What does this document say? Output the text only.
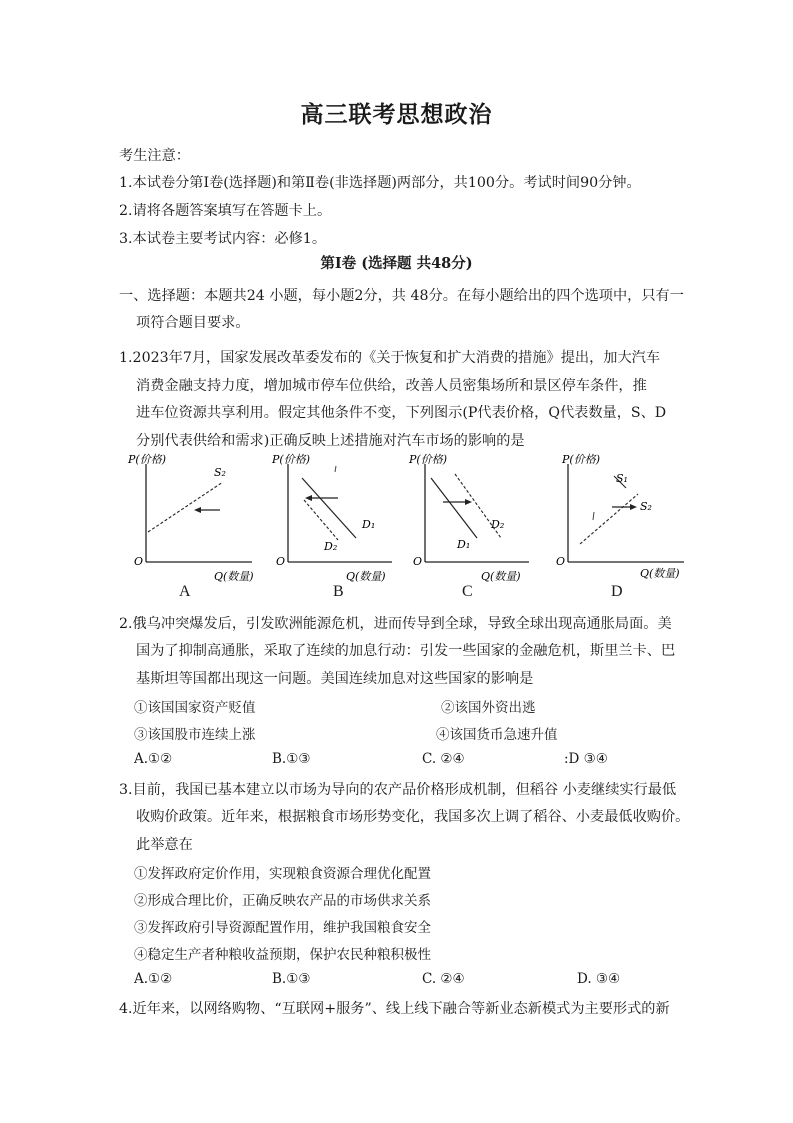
高三联考思想政治
考生注意：
1.本试卷分第Ⅰ卷(选择题)和第Ⅱ卷(非选择题)两部分，共100分。考试时间90分钟。
2.请将各题答案填写在答题卡上。
3.本试卷主要考试内容：必修1。
第Ⅰ卷 (选择题 共48分)
一、选择题：本题共24 小题，每小题2分，共 48分。在每小题给出的四个选项中，只有一
项符合题目要求。
1.2023年7月，国家发展改革委发布的《关于恢复和扩大消费的措施》提出，加大汽车
消费金融支持力度，增加城市停车位供给，改善人员密集场所和景区停车条件，推
进车位资源共享利用。假定其他条件不变，下列图示(P代表价格，Q代表数量，S、D
分别代表供给和需求)正确反映上述措施对汽车市场的影响的是
P(价格)
O
Q(数量)
S₂
A
P(价格)
O
Q(数量)
D₁
D₂
B
P(价格)
O
Q(数量)
D₁
D₂
C
P(价格)
O
Q(数量)
S₁
S₂
D
2.俄乌冲突爆发后，引发欧洲能源危机，进而传导到全球，导致全球出现高通胀局面。美
国为了抑制高通胀，采取了连续的加息行动：引发一些国家的金融危机，斯里兰卡、巴
基斯坦等国都出现这一问题。美国连续加息对这些国家的影响是
①该国国家资产贬值	②该国外资出逃
③该国股市连续上涨	④该国货币急速升值
A.①②	B.①③	C. ②④	:D ③④
3.目前，我国已基本建立以市场为导向的农产品价格形成机制，但稻谷 小麦继续实行最低
收购价政策。近年来，根据粮食市场形势变化，我国多次上调了稻谷、小麦最低收购价。
此举意在
①发挥政府定价作用，实现粮食资源合理优化配置
②形成合理比价，正确反映农产品的市场供求关系
③发挥政府引导资源配置作用，维护我国粮食安全
④稳定生产者种粮收益预期，保护农民种粮积极性
A.①②	B.①③	C. ②④	D. ③④
4.近年来，以网络购物、“互联网+服务”、线上线下融合等新业态新模式为主要形式的新
